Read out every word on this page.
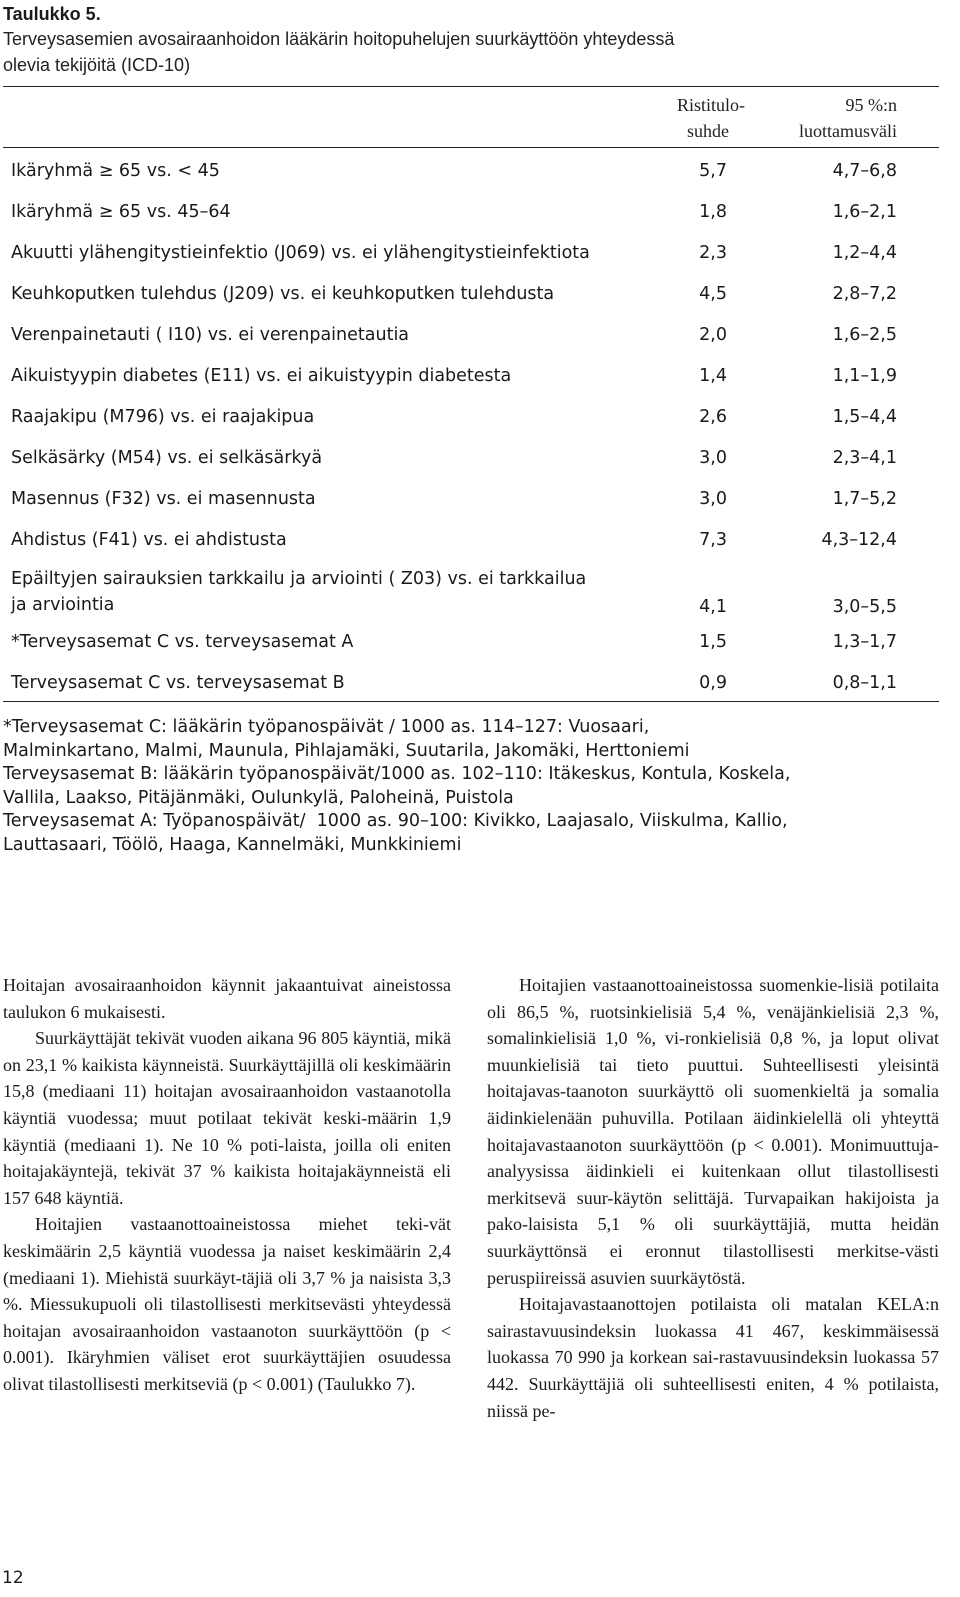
Taulukko 5.
Terveysasemien avosairaanhoidon lääkärin hoitopuhelujen suurkäyttöön yhteydessä
olevia tekijöitä (ICD-10)
Ristitulo-
suhde
95 %:n
luottamusväli
Ikäryhmä ≥ 65 vs. < 45	5,7	4,7–6,8
Ikäryhmä ≥ 65 vs. 45–64	1,8	1,6–2,1
Akuutti ylähengitystieinfektio (J069) vs. ei ylähengitystieinfektiota	2,3	1,2–4,4
Keuhkoputken tulehdus (J209) vs. ei keuhkoputken tulehdusta	4,5	2,8–7,2
Verenpainetauti ( I10) vs. ei verenpainetautia	2,0	1,6–2,5
Aikuistyypin diabetes (E11) vs. ei aikuistyypin diabetesta	1,4	1,1–1,9
Raajakipu (M796) vs. ei raajakipua	2,6	1,5–4,4
Selkäsärky (M54) vs. ei selkäsärkyä	3,0	2,3–4,1
Masennus (F32) vs. ei masennusta	3,0	1,7–5,2
Ahdistus (F41) vs. ei ahdistusta	7,3	4,3–12,4
Epäiltyjen sairauksien tarkkailu ja arviointi ( Z03) vs. ei tarkkailua
ja arviointia	4,1	3,0–5,5
*Terveysasemat C vs. terveysasemat A	1,5	1,3–1,7
Terveysasemat C vs. terveysasemat B	0,9	0,8–1,1
*Terveysasemat C: lääkärin työpanospäivät / 1000 as. 114–127: Vuosaari,
Malminkartano, Malmi, Maunula, Pihlajamäki, Suutarila, Jakomäki, Herttoniemi
Terveysasemat B: lääkärin työpanospäivät/1000 as. 102–110: Itäkeskus, Kontula, Koskela,
Vallila, Laakso, Pitäjänmäki, Oulunkylä, Paloheinä, Puistola
Terveysasemat A: Työpanospäivät/  1000 as. 90–100: Kivikko, Laajasalo, Viiskulma, Kallio,
Lauttasaari, Töölö, Haaga, Kannelmäki, Munkkiniemi

Hoitajan avosairaanhoidon käynnit jakaantuivat aineistossa taulukon 6 mukaisesti.

Suurkäyttäjät tekivät vuoden aikana 96 805 käyntiä, mikä on 23,1 % kaikista käynneistä. Suurkäyttäjillä oli keskimäärin 15,8 (mediaani 11) hoitajan avosairaanhoidon vastaanotolla käyntiä vuodessa; muut potilaat tekivät keski-määrin 1,9 käyntiä (mediaani 1). Ne 10 % poti-laista, joilla oli eniten hoitajakäyntejä, tekivät 37 % kaikista hoitajakäynneistä eli 157 648 käyntiä.

Hoitajien vastaanottoaineistossa miehet teki-vät keskimäärin 2,5 käyntiä vuodessa ja naiset keskimäärin 2,4 (mediaani 1). Miehistä suurkäyt-täjiä oli 3,7 % ja naisista 3,3 %. Miessukupuoli oli tilastollisesti merkitsevästi yhteydessä hoitajan avosairaanhoidon vastaanoton suurkäyttöön (p < 0.001). Ikäryhmien väliset erot suurkäyttäjien osuudessa olivat tilastollisesti merkitseviä (p < 0.001) (Taulukko 7).

Hoitajien vastaanottoaineistossa suomenkie-lisiä potilaita oli 86,5 %, ruotsinkielisiä 5,4 %, venäjänkielisiä 2,3 %, somalinkielisiä 1,0 %, vi-ronkielisiä 0,8 %, ja loput olivat muunkielisiä tai tieto puuttui. Suhteellisesti yleisintä hoitajavas-taanoton suurkäyttö oli suomenkieltä ja somalia äidinkielenään puhuvilla. Potilaan äidinkielellä oli yhteyttä hoitajavastaanoton suurkäyttöön (p < 0.001). Monimuuttuja-analyysissa äidinkieli ei kuitenkaan ollut tilastollisesti merkitsevä suur-käytön selittäjä. Turvapaikan hakijoista ja pako-laisista 5,1 % oli suurkäyttäjiä, mutta heidän suurkäyttönsä ei eronnut tilastollisesti merkitse-västi peruspiireissä asuvien suurkäytöstä.

Hoitajavastaanottojen potilaista oli matalan KELA:n sairastavuusindeksin luokassa 41 467, keskimmäisessä luokassa 70 990 ja korkean sai-rastavuusindeksin luokassa 57 442. Suurkäyttäjiä oli suhteellisesti eniten, 4 % potilaista, niissä pe-

12
